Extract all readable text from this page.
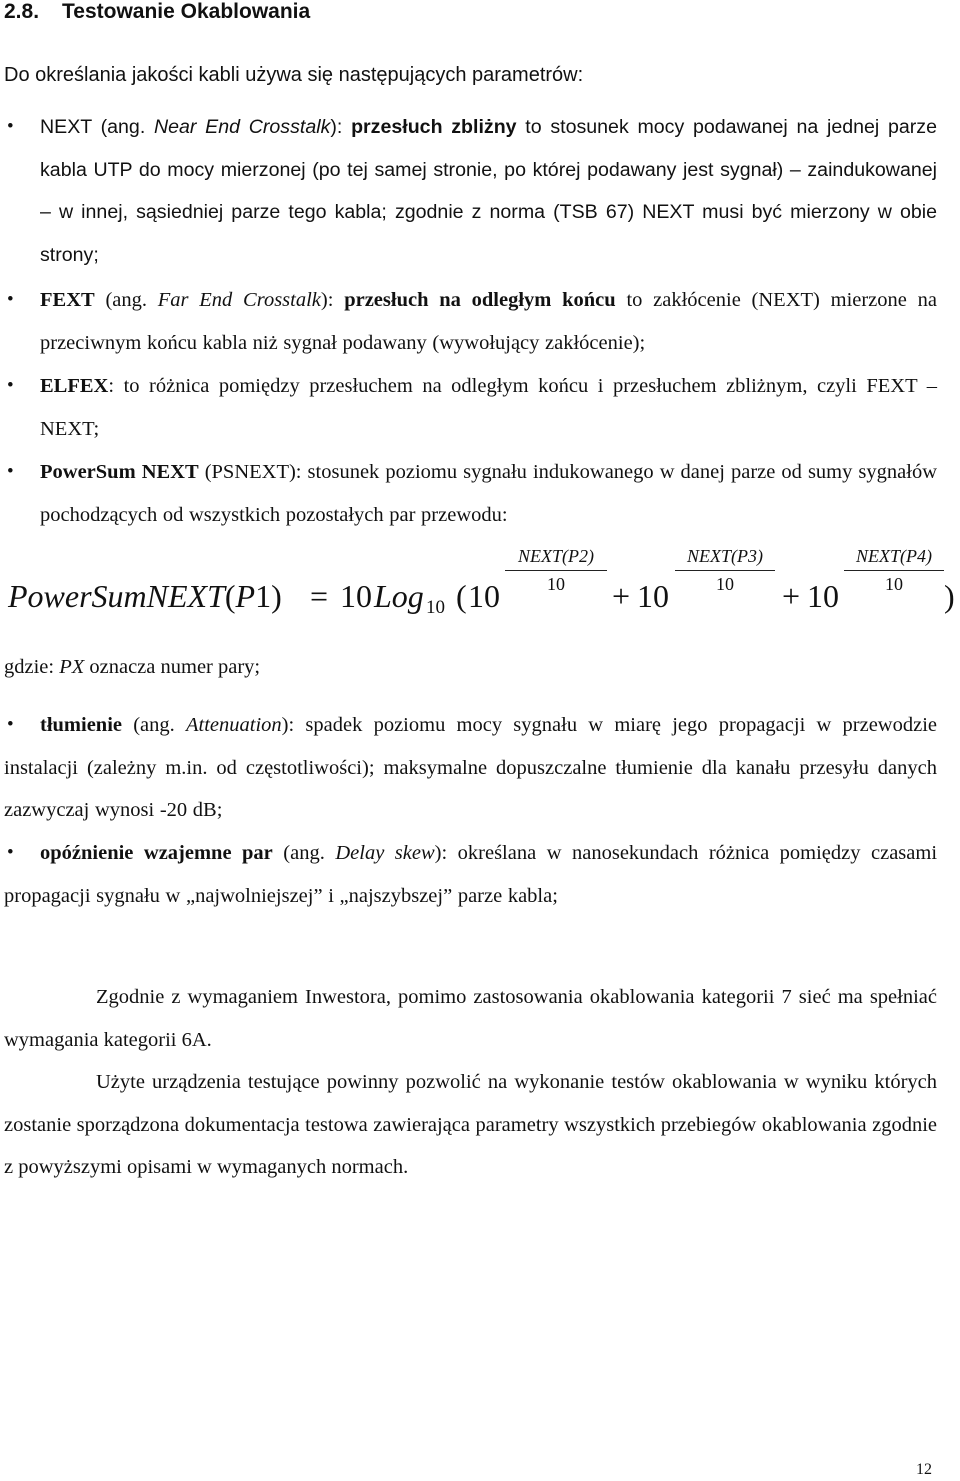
2.8. Testowanie Okablowania
Do określania jakości kabli używa się następujących parametrów:
• NEXT (ang. Near End Crosstalk): przesłuch zbliżny to stosunek mocy podawanej na jednej parze kabla UTP do mocy mierzonej (po tej samej stronie, po której podawany jest sygnał) – zaindukowanej – w innej, sąsiedniej parze tego kabla; zgodnie z norma (TSB 67) NEXT musi być mierzony w obie strony;

• FEXT (ang. Far End Crosstalk): przesłuch na odległym końcu to zakłócenie (NEXT) mierzone na przeciwnym końcu kabla niż sygnał podawany (wywołujący zakłócenie);

• ELFEX: to różnica pomiędzy przesłuchem na odległym końcu i przesłuchem zbliżnym, czyli FEXT – NEXT;

• PowerSum NEXT (PSNEXT): stosunek poziomu sygnału indukowanego w danej parze od sumy sygnałów pochodzących od wszystkich pozostałych par przewodu:

PowerSumNEXT(P1) = 10 Log 10 ( 10
NEXT(P2)
10	+ 10
NEXT(P3)
10	+ 10
NEXT(P4)
10	)
gdzie: PX oznacza numer pary;
•	tłumienie (ang. Attenuation): spadek poziomu mocy sygnału w miarę jego propagacji w przewodzie instalacji (zależny m.in. od częstotliwości); maksymalne dopuszczalne tłumienie dla kanału przesyłu danych zazwyczaj wynosi -20 dB;

•	opóźnienie wzajemne par (ang. Delay skew): określana w nanosekundach różnica pomiędzy czasami propagacji sygnału w „najwolniejszej” i „najszybszej” parze kabla;

Zgodnie z wymaganiem Inwestora, pomimo zastosowania okablowania kategorii 7 sieć ma spełniać wymagania kategorii 6A.

Użyte urządzenia testujące powinny pozwolić na wykonanie testów okablowania w wyniku których zostanie sporządzona dokumentacja testowa zawierająca parametry wszystkich przebiegów okablowania zgodnie z powyższymi opisami w wymaganych normach.

12
